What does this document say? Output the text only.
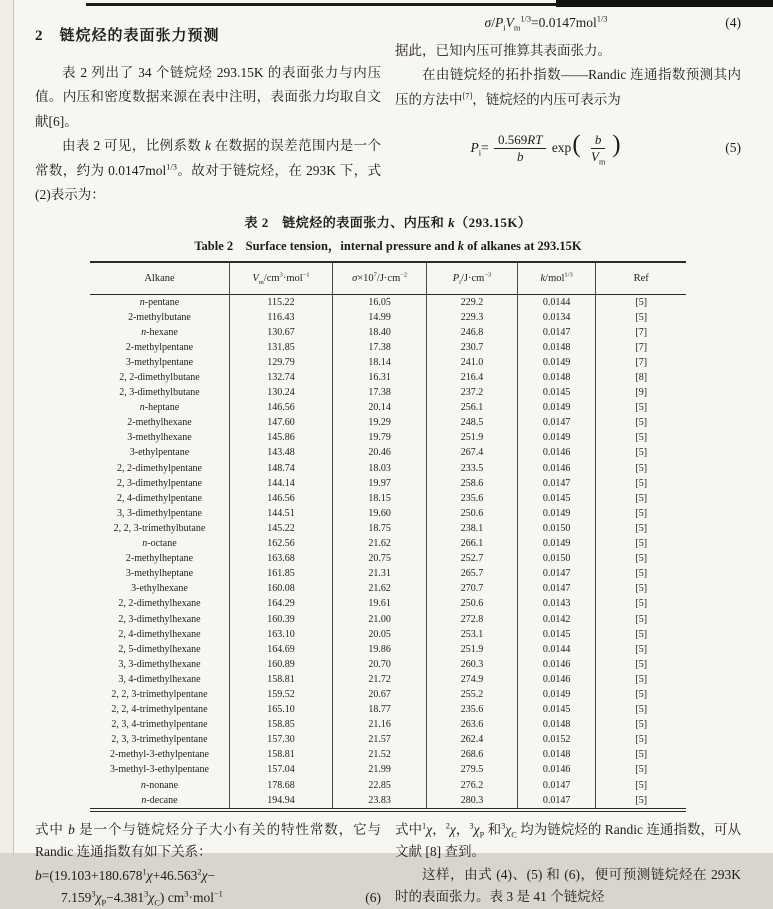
2 链烷烃的表面张力预测

表 2 列出了 34 个链烷烃 293.15K 的表面张力与内压值。内压和密度数据来源在表中注明，表面张力均取自文献[6]。

由表 2 可见，比例系数 k 在数据的误差范围内是一个常数，约为 0.0147mol$^{1/3}$。故对于链烷烃，在 293K 下，式(2)表示为：

$\sigma/P_iV_m^{1/3}=0.0147mol^{1/3}$	(4)

据此，已知内压可推算其表面张力。

在由链烷烃的拓扑指数——Randic 连通指数预测其内压的方法中[7]，链烷烃的内压可表示为

$P_i= \frac{0.569RT}{b} \exp( \frac{b}{V_m}$ )	(5)
表 2　链烷烃的表面张力、内压和 k（293.15K）
Table 2　Surface tension，internal pressure and k of alkanes at 293.15K
Alkane	$V_m/cm^3\cdot mol^{-1}$	$\sigma\times 10^7/J\cdot cm^{-2}$	$P_i/J\cdot cm^{-3}$	k/mol$^{1/3}$	Ref
n-pentane	115.22	16.05	229.2	0.0144	[5]
2-methylbutane	116.43	14.99	229.3	0.0134	[5]
n-hexane	130.67	18.40	246.8	0.0147	[7]
2-methylpentane	131.85	17.38	230.7	0.0148	[7]
3-methylpentane	129.79	18.14	241.0	0.0149	[7]
2, 2-dimethylbutane	132.74	16.31	216.4	0.0148	[8]
2, 3-dimethylbutane	130.24	17.38	237.2	0.0145	[9]
n-heptane	146.56	20.14	256.1	0.0149	[5]
2-methylhexane	147.60	19.29	248.5	0.0147	[5]
3-methylhexane	145.86	19.79	251.9	0.0149	[5]
3-ethylpentane	143.48	20.46	267.4	0.0146	[5]
2, 2-dimethylpentane	148.74	18.03	233.5	0.0146	[5]
2, 3-dimethylpentane	144.14	19.97	258.6	0.0147	[5]
2, 4-dimethylpentane	146.56	18.15	235.6	0.0145	[5]
3, 3-dimethylpentane	144.51	19.60	250.6	0.0149	[5]
2, 2, 3-trimethylbutane	145.22	18.75	238.1	0.0150	[5]
n-octane	162.56	21.62	266.1	0.0149	[5]
2-methylheptane	163.68	20.75	252.7	0.0150	[5]
3-methylheptane	161.85	21.31	265.7	0.0147	[5]
3-ethylhexane	160.08	21.62	270.7	0.0147	[5]
2, 2-dimethylhexane	164.29	19.61	250.6	0.0143	[5]
2, 3-dimethylhexane	160.39	21.00	272.8	0.0142	[5]
2, 4-dimethylhexane	163.10	20.05	253.1	0.0145	[5]
2, 5-dimethylhexane	164.69	19.86	251.9	0.0144	[5]
3, 3-dimethylhexane	160.89	20.70	260.3	0.0146	[5]
3, 4-dimethylhexane	158.81	21.72	274.9	0.0146	[5]
2, 2, 3-trimethylpentane	159.52	20.67	255.2	0.0149	[5]
2, 2, 4-trimethylpentane	165.10	18.77	235.6	0.0145	[5]
2, 3, 4-trimethylpentane	158.85	21.16	263.6	0.0148	[5]
2, 3, 3-trimethylpentane	157.30	21.57	262.4	0.0152	[5]
2-methyl-3-ethylpentane	158.81	21.52	268.6	0.0148	[5]
3-methyl-3-ethylpentane	157.04	21.99	279.5	0.0146	[5]
n-nonane	178.68	22.85	276.2	0.0147	[5]
n-decane	194.94	23.83	280.3	0.0147	[5]

式中 b 是一个与链烷烃分子大小有关的特性常数，它与 Randic 连通指数有如下关系：

$b=(19.103+180.678^1\chi+46.563^2\chi-$
$7.159^3\chi_P-4.381^3\chi_C$) $cm^3\cdot mol^{-1}$	(6)

式中$^1$χ，$^2$χ，$^3\chi_P$ 和$^3\chi_C$ 均为链烷烃的 Randic 连通指数，可从文献 [8] 查到。

这样，由式 (4)、(5) 和 (6)，便可预测链烷烃在 293K 时的表面张力。表 3 是 41 个链烷烃
